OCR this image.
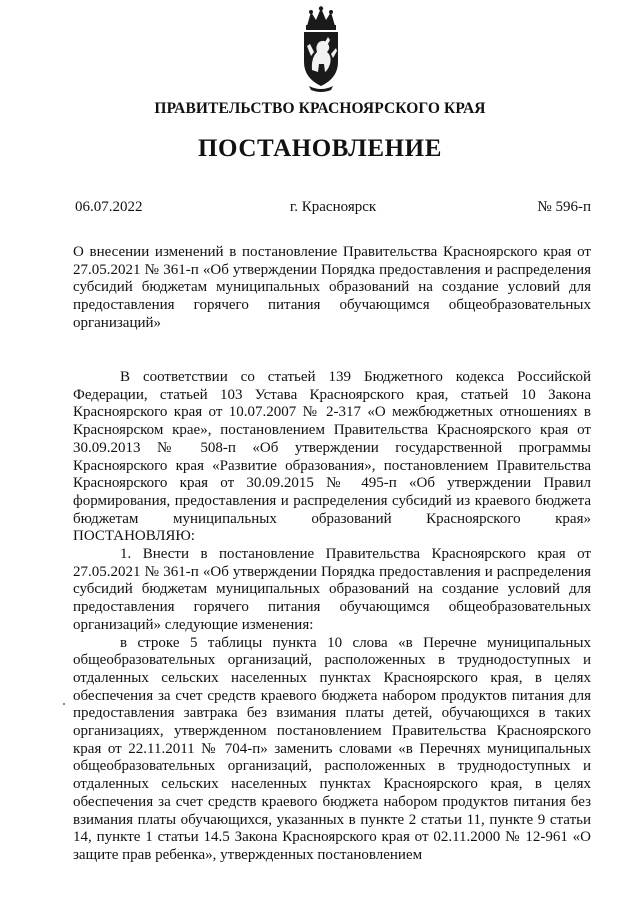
ПРАВИТЕЛЬСТВО КРАСНОЯРСКОГО КРАЯ
ПОСТАНОВЛЕНИЕ
г. Красноярск
06.07.2022	№ 596-п

О внесении изменений в постановление Правительства Красноярского края от 27.05.2021 № 361-п «Об утверждении Порядка предоставления и распределения субсидий бюджетам муниципальных образований на создание условий для предоставления горячего питания обучающимся общеобразовательных организаций»

В соответствии со статьей 139 Бюджетного кодекса Российской Федерации, статьей 103 Устава Красноярского края, статьей 10 Закона Красноярского края от 10.07.2007 № 2-317 «О межбюджетных отношениях в Красноярском крае», постановлением Правительства Красноярского края от 30.09.2013 № 508-п «Об утверждении государственной программы Красноярского края «Развитие образования», постановлением Правительства Красноярского края от 30.09.2015 № 495-п «Об утверждении Правил формирования, предоставления и распределения субсидий из краевого бюджета бюджетам муниципальных образований Красноярского края» ПОСТАНОВЛЯЮ:

1. Внести в постановление Правительства Красноярского края от 27.05.2021 № 361-п «Об утверждении Порядка предоставления и распределения субсидий бюджетам муниципальных образований на создание условий для предоставления горячего питания обучающимся общеобразовательных организаций» следующие изменения:

в строке 5 таблицы пункта 10 слова «в Перечне муниципальных общеобразовательных организаций, расположенных в труднодоступных и отдаленных сельских населенных пунктах Красноярского края, в целях обеспечения за счет средств краевого бюджета набором продуктов питания для предоставления завтрака без взимания платы детей, обучающихся в таких организациях, утвержденном постановлением Правительства Красноярского края от 22.11.2011 № 704-п» заменить словами «в Перечнях муниципальных общеобразовательных организаций, расположенных в труднодоступных и отдаленных сельских населенных пунктах Красноярского края, в целях обеспечения за счет средств краевого бюджета набором продуктов питания без взимания платы обучающихся, указанных в пункте 2 статьи 11, пункте 9 статьи 14, пункте 1 статьи 14.5 Закона Красноярского края от 02.11.2000 № 12-961 «О защите прав ребенка», утвержденных постановлением
